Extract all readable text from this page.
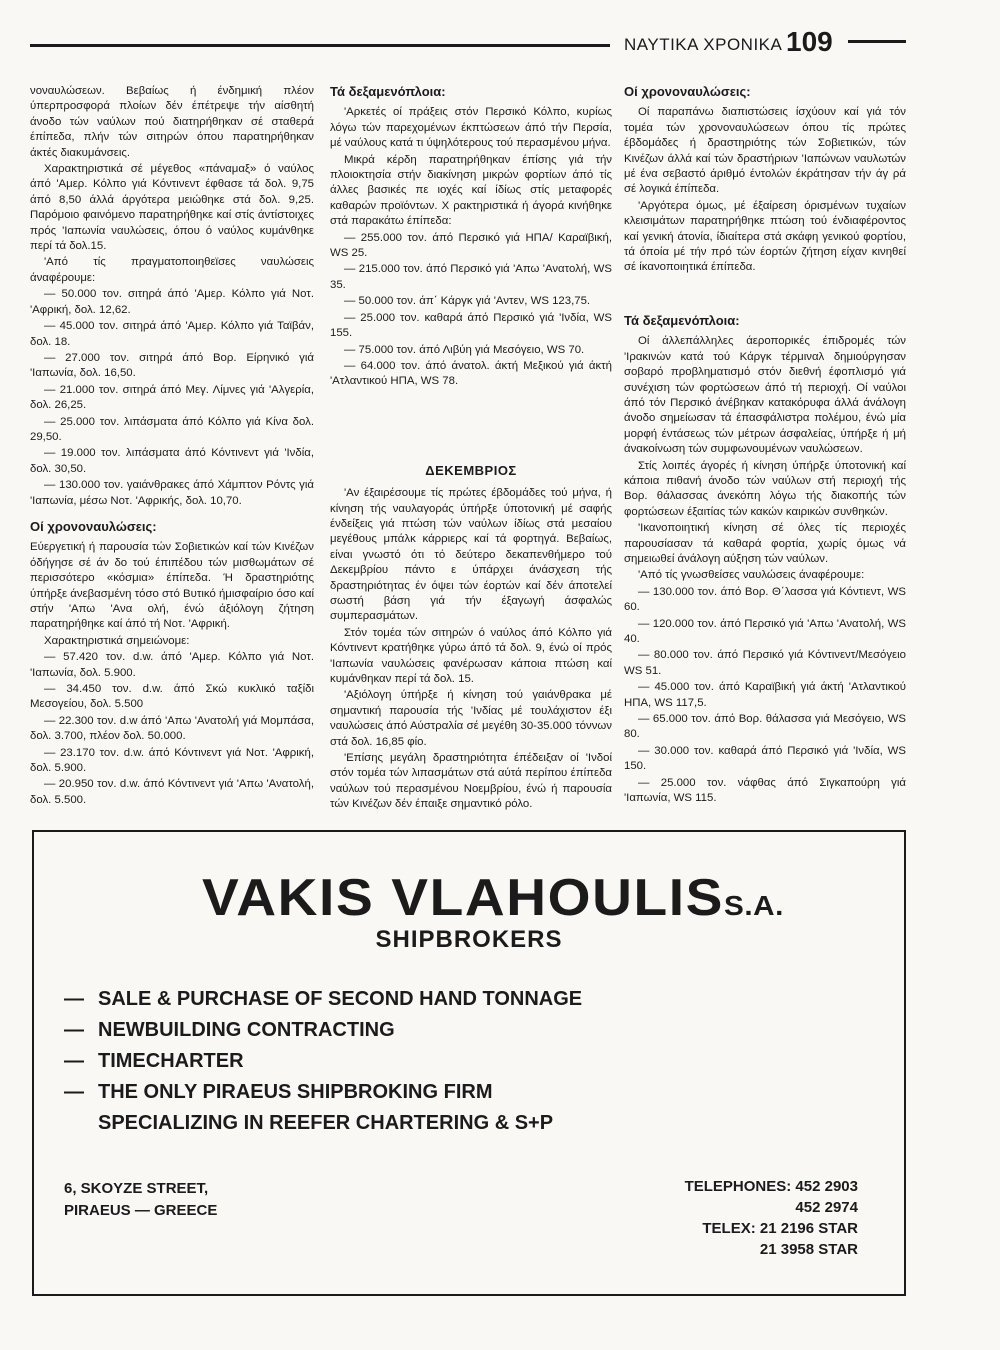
ΝΑΥΤΙΚΑ ΧΡΟΝΙΚΑ 109

νοναυλώσεων. Βεβαίως ή ένδημική πλέον ύπερπροσφορά πλοίων δέν έπέτρεψε τήν αίσθητή άνοδο τών ναύλων πού διατηρήθηκαν σέ σταθερά έπίπεδα, πλήν τών σιτηρών όπου παρατηρήθηκαν άκτές διακυμάνσεις.

Χαρακτηριστικά σέ μέγεθος «πάναμαξ» ό ναύλος άπό 'Αμερ. Κόλπο γιά Κόντινεντ έφθασε τά δολ. 9,75 άπό 8,50 άλλά άργότερα μειώθηκε στά δολ. 9,25. Παρόμοιο φαινόμενο παρατηρήθηκε καί στίς άντίστοιχες πρός 'Ιαπωνία ναυλώσεις, όπου ό ναύλος κυμάνθηκε περί τά δολ.15.

'Από τίς πραγματοποιηθεϊσες ναυλώσεις άναφέρουμε:

— 50.000 τον. σιτηρά άπό 'Αμερ. Κόλπο γιά Νοτ. 'Αφρική, δολ. 12,62.

— 45.000 τον. σιτηρά άπό 'Αμερ. Κόλπο γιά Ταϊβάν, δολ. 18.

— 27.000 τον. σιτηρά άπό Βορ. Είρηνικό γιά 'Ιαπωνία, δολ. 16,50.

— 21.000 τον. σιτηρά άπό Μεγ. Λίμνες γιά 'Αλγερία, δολ. 26,25.

— 25.000 τον. λιπάσματα άπό Κόλπο γιά Κίνα δολ. 29,50.

— 19.000 τον. λιπάσματα άπό Κόντινεντ γιά 'Ινδία, δολ. 30,50.

— 130.000 τον. γαιάνθρακες άπό Χάμπτον Ρόντς γιά 'Ιαπωνία, μέσω Νοτ. 'Αφρικής, δολ. 10,70.

Οί χρονοναυλώσεις:

Εύεργετική ή παρουσία τών Σοβιετικών καί τών Κινέζων όδήγησε σέ άν δο τού έπιπέδου τών μισθωμάτων σέ περισσότερο «κόσμια» έπίπεδα. Ή δραστηριότης ύπήρξε άνεβασμένη τόσο στό Βυτικό ήμισφαίριο όσο καί στήν 'Απω 'Ανα ολή, ένώ άξιόλογη ζήτηση παρατηρήθηκε καί άπό τή Νοτ. 'Αφρική.

Χαρακτηριστικά σημειώνομε:

— 57.420 τον. d.w. άπό 'Αμερ. Κόλπο γιά Νοτ. 'Ιαπωνία, δολ. 5.900.

— 34.450 τον. d.w. άπό Σκώ κυκλικό ταξίδι Μεσογείου, δολ. 5.500

— 22.300 τον. d.w άπό 'Απω 'Ανατολή γιά Μομπάσα, δολ. 3.700, πλέον δολ. 50.000.

— 23.170 τον. d.w. άπό Κόντινεντ γιά Νοτ. 'Αφρική, δολ. 5.900.

— 20.950 τον. d.w. άπό Κόντινεντ γιά 'Απω 'Ανατολή, δολ. 5.500.

Τά δεξαμενόπλοια:

'Αρκετές οί πράξεις στόν Περσικό Κόλπο, κυρίως λόγω τών παρεχομένων έκπτώσεων άπό τήν Περσία, μέ ναύλους κατά τι ύψηλότερους τού περασμένου μήνα.

Μικρά κέρδη παρατηρήθηκαν έπίσης γιά τήν πλοιοκτησία στήν διακίνηση μικρών φορτίων άπό τίς άλλες βασικές πε ιοχές καί ίδίως στίς μεταφορές καθαρών προϊόντων. Χ ρακτηριστικά ή άγορά κινήθηκε στά παρακάτω έπίπεδα:

— 255.000 τον. άπό Περσικό γιά ΗΠΑ/ Καραϊβική, WS 25.

— 215.000 τον. άπό Περσικό γιά 'Απω 'Ανατολή, WS 35.

— 50.000 τον. άπ΄ Κάργκ γιά 'Αντεν, WS 123,75.

— 25.000 τον. καθαρά άπό Περσικό γιά 'Ινδία, WS 155.

— 75.000 τον. άπό Λιβύη γιά Μεσόγειο, WS 70.

— 64.000 τον. άπό άνατολ. άκτή Μεξικού γιά άκτή 'Ατλαντικού ΗΠΑ, WS 78.

ΔΕΚΕΜΒΡΙΟΣ

'Αν έξαιρέσουμε τίς πρώτες έβδομάδες τού μήνα, ή κίνηση τής ναυλαγοράς ύπήρξε ύποτονική μέ σαφής ένδείξεις γιά πτώση τών ναύλων ίδίως στά μεσαίου μεγέθους μπάλκ κάρριερς καί τά φορτηγά. Βεβαίως, είναι γνωστό ότι τό δεύτερο δεκαπενθήμερο τού Δεκεμβρίου πάντο ε ύπάρχει άνάσχεση τής δραστηριότητας έν όψει τών έορτών καί δέν άποτελεί σωστή βάση γιά τήν έξαγωγή άσφαλώς συμπερασμάτων.

Στόν τομέα τών σιτηρών ό ναύλος άπό Κόλπο γιά Κόντινεντ κρατήθηκε γύρω άπό τά δολ. 9, ένώ οί πρός 'Ιαπωνία ναυλώσεις φανέρωσαν κάποια πτώση καί κυμάνθηκαν περί τά δολ. 15.

'Αξιόλογη ύπήρξε ή κίνηση τού γαιάνθρακα μέ σημαντική παρουσία τής 'Ινδίας μέ τουλάχιστον έξι ναυλώσεις άπό Αύστραλία σέ μεγέθη 30-35.000 τόννων στά δολ. 16,85 φίο.

'Επίσης μεγάλη δραστηριότητα έπέδειξαν οί 'Ινδοί στόν τομέα τών λιπασμάτων στά αύτά περίπου έπίπεδα ναύλων τού περασμένου Νοεμβρίου, ένώ ή παρουσία τών Κινέζων δέν έπαιξε σημαντικό ρόλο.

Οί χρονοναυλώσεις:

Οί παραπάνω διαπιστώσεις ίσχύουν καί γιά τόν τομέα τών χρονοναυλώσεων όπου τίς πρώτες έβδομάδες ή δραστηριότης τών Σοβιετικών, τών Κινέζων άλλά καί τών δραστήριων 'Ιαπώνων ναυλωτών μέ ένα σεβαστό άριθμό έντολών έκράτησαν τήν άγ ρά σέ λογικά έπίπεδα.

'Αργότερα όμως, μέ έξαίρεση όρισμένων τυχαίων κλεισιμάτων παρατηρήθηκε πτώση τού ένδιαφέροντος καί γενική άτονία, ίδιαίτερα στά σκάφη γενικού φορτίου, τά όποία μέ τήν πρό τών έορτών ζήτηση είχαν κινηθεί σέ ίκανοποιητικά έπίπεδα.

Τά δεξαμενόπλοια:

Οί άλλεπάλληλες άεροπορικές έπιδρομές τών 'Ιρακινών κατά τού Κάργκ τέρμιναλ δημιούργησαν σοβαρό προβληματισμό στόν διεθνή έφοπλισμό γιά συνέχιση τών φορτώσεων άπό τή περιοχή. Οί ναύλοι άπό τόν Περσικό άνέβηκαν κατακόρυφα άλλά άνάλογη άνοδο σημείωσαν τά έπασφάλιστρα πολέμου, ένώ μία μορφή έντάσεως τών μέτρων άσφαλείας, ύπήρξε ή μή άνακοίνωση τών συμφωνουμένων ναυλώσεων.

Στίς λοιπές άγορές ή κίνηση ύπήρξε ύποτονική καί κάποια πιθανή άνοδο τών ναύλων στή περιοχή τής Βορ. θάλασσας άνεκόπη λόγω τής διακοπής τών φορτώσεων έξαιτίας τών κακών καιρικών συνθηκών.

'Ικανοποιητική κίνηση σέ όλες τίς περιοχές παρουσίασαν τά καθαρά φορτία, χωρίς όμως νά σημειωθεί άνάλογη αύξηση τών ναύλων.

'Από τίς γνωσθείσες ναυλώσεις άναφέρουμε:

— 130.000 τον. άπό Βορ. Θ΄λασσα γιά Κόντιεντ, WS 60.

— 120.000 τον. άπό Περσικό γιά 'Απω 'Ανατολή, WS 40.

— 80.000 τον. άπό Περσικό γιά Κόντινεντ/Μεσόγειο WS 51.

— 45.000 τον. άπό Καραϊβική γιά άκτή 'Ατλαντικού ΗΠΑ, WS 117,5.

— 65.000 τον. άπό Βορ. θάλασσα γιά Μεσόγειο, WS 80.

— 30.000 τον. καθαρά άπό Περσικό γιά 'Ινδία, WS 150.

— 25.000 τον. νάφθας άπό Σιγκαπούρη γιά 'Ιαπωνία, WS 115.

VAKIS VLAHOULISS.A.
SHIPBROKERS
— SALE & PURCHASE OF SECOND HAND TONNAGE
— NEWBUILDING CONTRACTING
— TIMECHARTER
— THE ONLY PIRAEUS SHIPBROKING FIRM
SPECIALIZING IN REEFER CHARTERING & S+P
6, SKOYZE STREET,
PIRAEUS — GREECE
TELEPHONES: 452 2903
452 2974
TELEX: 21 2196 STAR
21 3958 STAR
